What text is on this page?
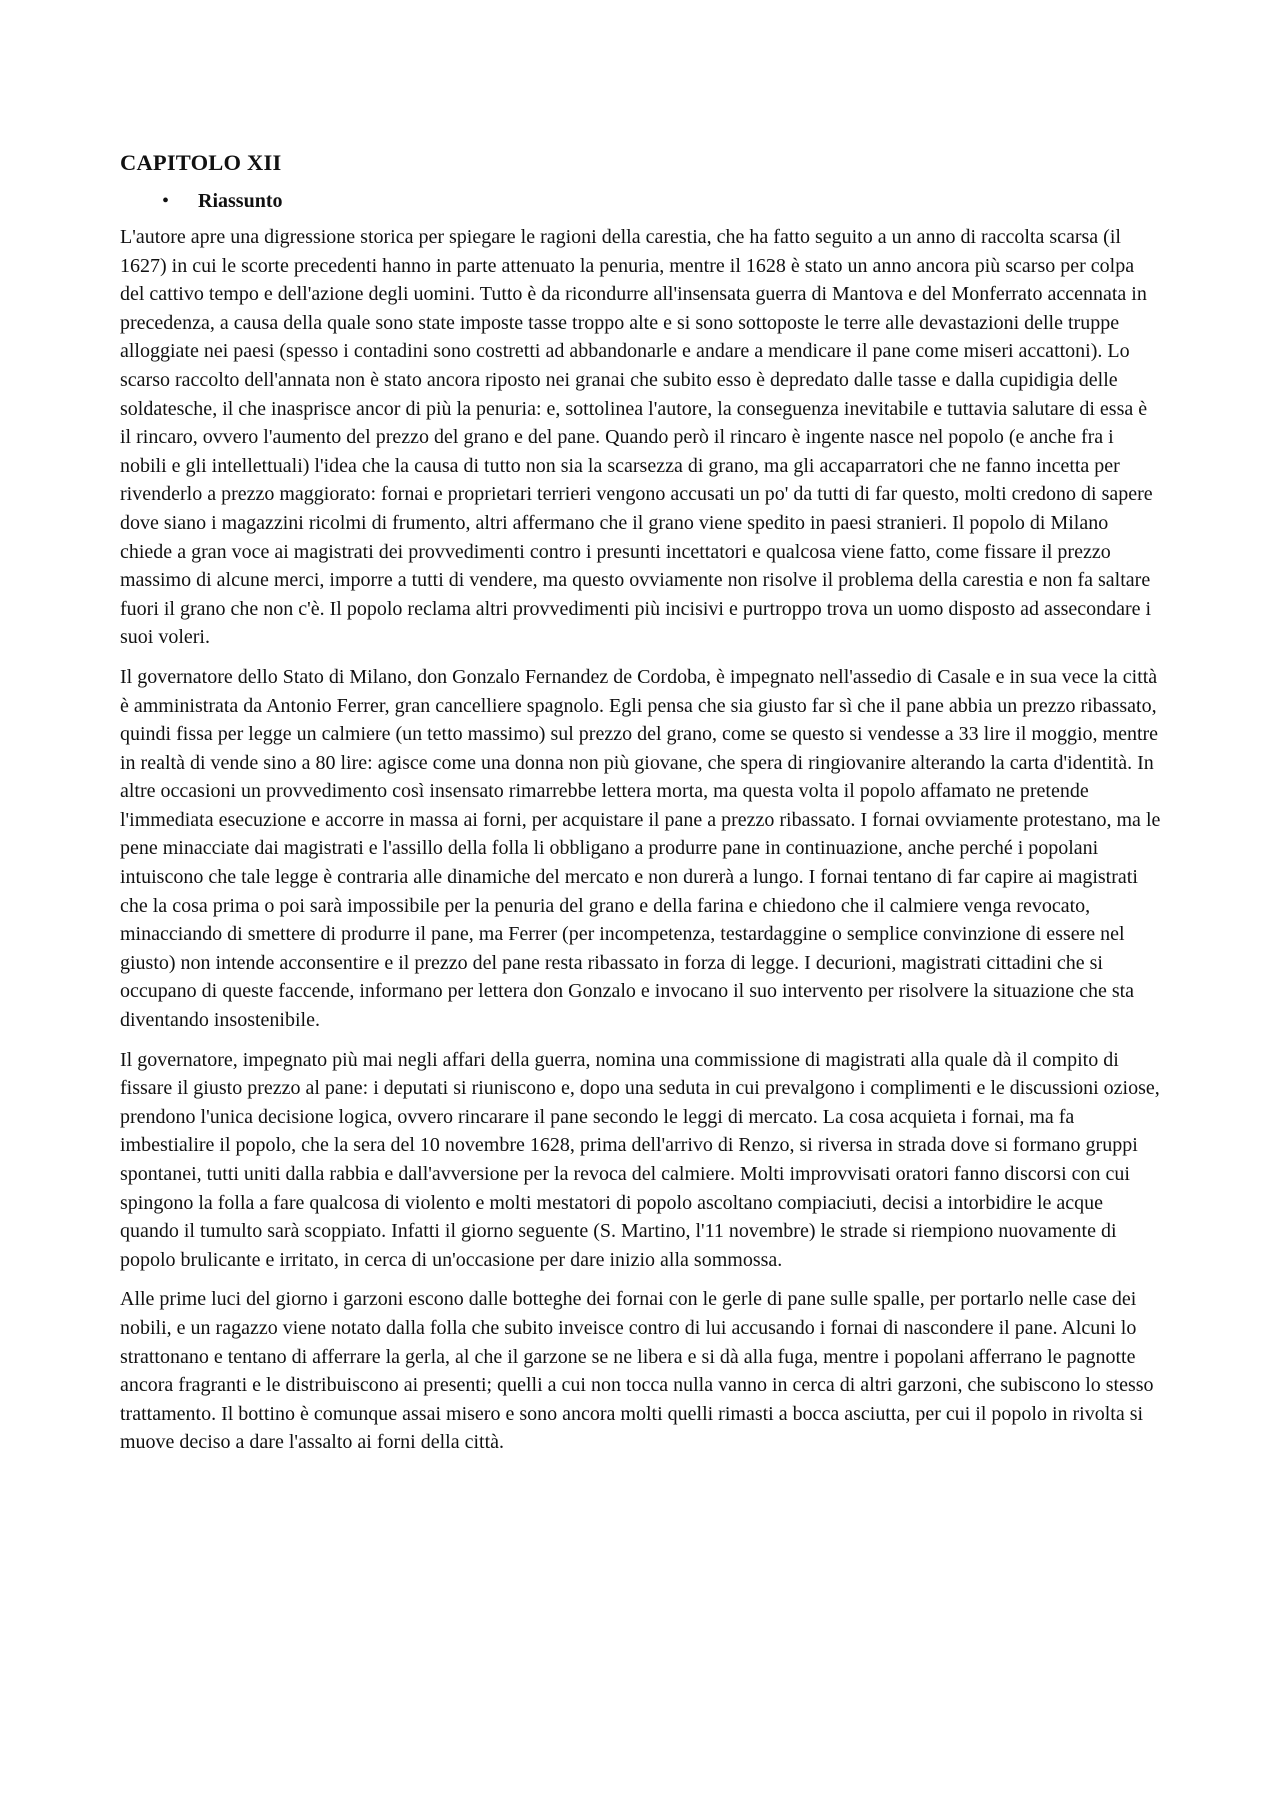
CAPITOLO XII
•	Riassunto

L'autore apre una digressione storica per spiegare le ragioni della carestia, che ha fatto seguito a un anno di raccolta scarsa (il 1627) in cui le scorte precedenti hanno in parte attenuato la penuria, mentre il 1628 è stato un anno ancora più scarso per colpa del cattivo tempo e dell'azione degli uomini. Tutto è da ricondurre all'insensata guerra di Mantova e del Monferrato accennata in precedenza, a causa della quale sono state imposte tasse troppo alte e si sono sottoposte le terre alle devastazioni delle truppe alloggiate nei paesi (spesso i contadini sono costretti ad abbandonarle e andare a mendicare il pane come miseri accattoni). Lo scarso raccolto dell'annata non è stato ancora riposto nei granai che subito esso è depredato dalle tasse e dalla cupidigia delle soldatesche, il che inasprisce ancor di più la penuria: e, sottolinea l'autore, la conseguenza inevitabile e tuttavia salutare di essa è il rincaro, ovvero l'aumento del prezzo del grano e del pane. Quando però il rincaro è ingente nasce nel popolo (e anche fra i nobili e gli intellettuali) l'idea che la causa di tutto non sia la scarsezza di grano, ma gli accaparratori che ne fanno incetta per rivenderlo a prezzo maggiorato: fornai e proprietari terrieri vengono accusati un po' da tutti di far questo, molti credono di sapere dove siano i magazzini ricolmi di frumento, altri affermano che il grano viene spedito in paesi stranieri. Il popolo di Milano chiede a gran voce ai magistrati dei provvedimenti contro i presunti incettatori e qualcosa viene fatto, come fissare il prezzo massimo di alcune merci, imporre a tutti di vendere, ma questo ovviamente non risolve il problema della carestia e non fa saltare fuori il grano che non c'è. Il popolo reclama altri provvedimenti più incisivi e purtroppo trova un uomo disposto ad assecondare i suoi voleri.

Il governatore dello Stato di Milano, don Gonzalo Fernandez de Cordoba, è impegnato nell'assedio di Casale e in sua vece la città è amministrata da Antonio Ferrer, gran cancelliere spagnolo. Egli pensa che sia giusto far sì che il pane abbia un prezzo ribassato, quindi fissa per legge un calmiere (un tetto massimo) sul prezzo del grano, come se questo si vendesse a 33 lire il moggio, mentre in realtà di vende sino a 80 lire: agisce come una donna non più giovane, che spera di ringiovanire alterando la carta d'identità. In altre occasioni un provvedimento così insensato rimarrebbe lettera morta, ma questa volta il popolo affamato ne pretende l'immediata esecuzione e accorre in massa ai forni, per acquistare il pane a prezzo ribassato. I fornai ovviamente protestano, ma le pene minacciate dai magistrati e l'assillo della folla li obbligano a produrre pane in continuazione, anche perché i popolani intuiscono che tale legge è contraria alle dinamiche del mercato e non durerà a lungo. I fornai tentano di far capire ai magistrati che la cosa prima o poi sarà impossibile per la penuria del grano e della farina e chiedono che il calmiere venga revocato, minacciando di smettere di produrre il pane, ma Ferrer (per incompetenza, testardaggine o semplice convinzione di essere nel giusto) non intende acconsentire e il prezzo del pane resta ribassato in forza di legge. I decurioni, magistrati cittadini che si occupano di queste faccende, informano per lettera don Gonzalo e invocano il suo intervento per risolvere la situazione che sta diventando insostenibile.

Il governatore, impegnato più mai negli affari della guerra, nomina una commissione di magistrati alla quale dà il compito di fissare il giusto prezzo al pane: i deputati si riuniscono e, dopo una seduta in cui prevalgono i complimenti e le discussioni oziose, prendono l'unica decisione logica, ovvero rincarare il pane secondo le leggi di mercato. La cosa acquieta i fornai, ma fa imbestialire il popolo, che la sera del 10 novembre 1628, prima dell'arrivo di Renzo, si riversa in strada dove si formano gruppi spontanei, tutti uniti dalla rabbia e dall'avversione per la revoca del calmiere. Molti improvvisati oratori fanno discorsi con cui spingono la folla a fare qualcosa di violento e molti mestatori di popolo ascoltano compiaciuti, decisi a intorbidire le acque quando il tumulto sarà scoppiato. Infatti il giorno seguente (S. Martino, l'11 novembre) le strade si riempiono nuovamente di popolo brulicante e irritato, in cerca di un'occasione per dare inizio alla sommossa.

Alle prime luci del giorno i garzoni escono dalle botteghe dei fornai con le gerle di pane sulle spalle, per portarlo nelle case dei nobili, e un ragazzo viene notato dalla folla che subito inveisce contro di lui accusando i fornai di nascondere il pane. Alcuni lo strattonano e tentano di afferrare la gerla, al che il garzone se ne libera e si dà alla fuga, mentre i popolani afferrano le pagnotte ancora fragranti e le distribuiscono ai presenti; quelli a cui non tocca nulla vanno in cerca di altri garzoni, che subiscono lo stesso trattamento. Il bottino è comunque assai misero e sono ancora molti quelli rimasti a bocca asciutta, per cui il popolo in rivolta si muove deciso a dare l'assalto ai forni della città.
